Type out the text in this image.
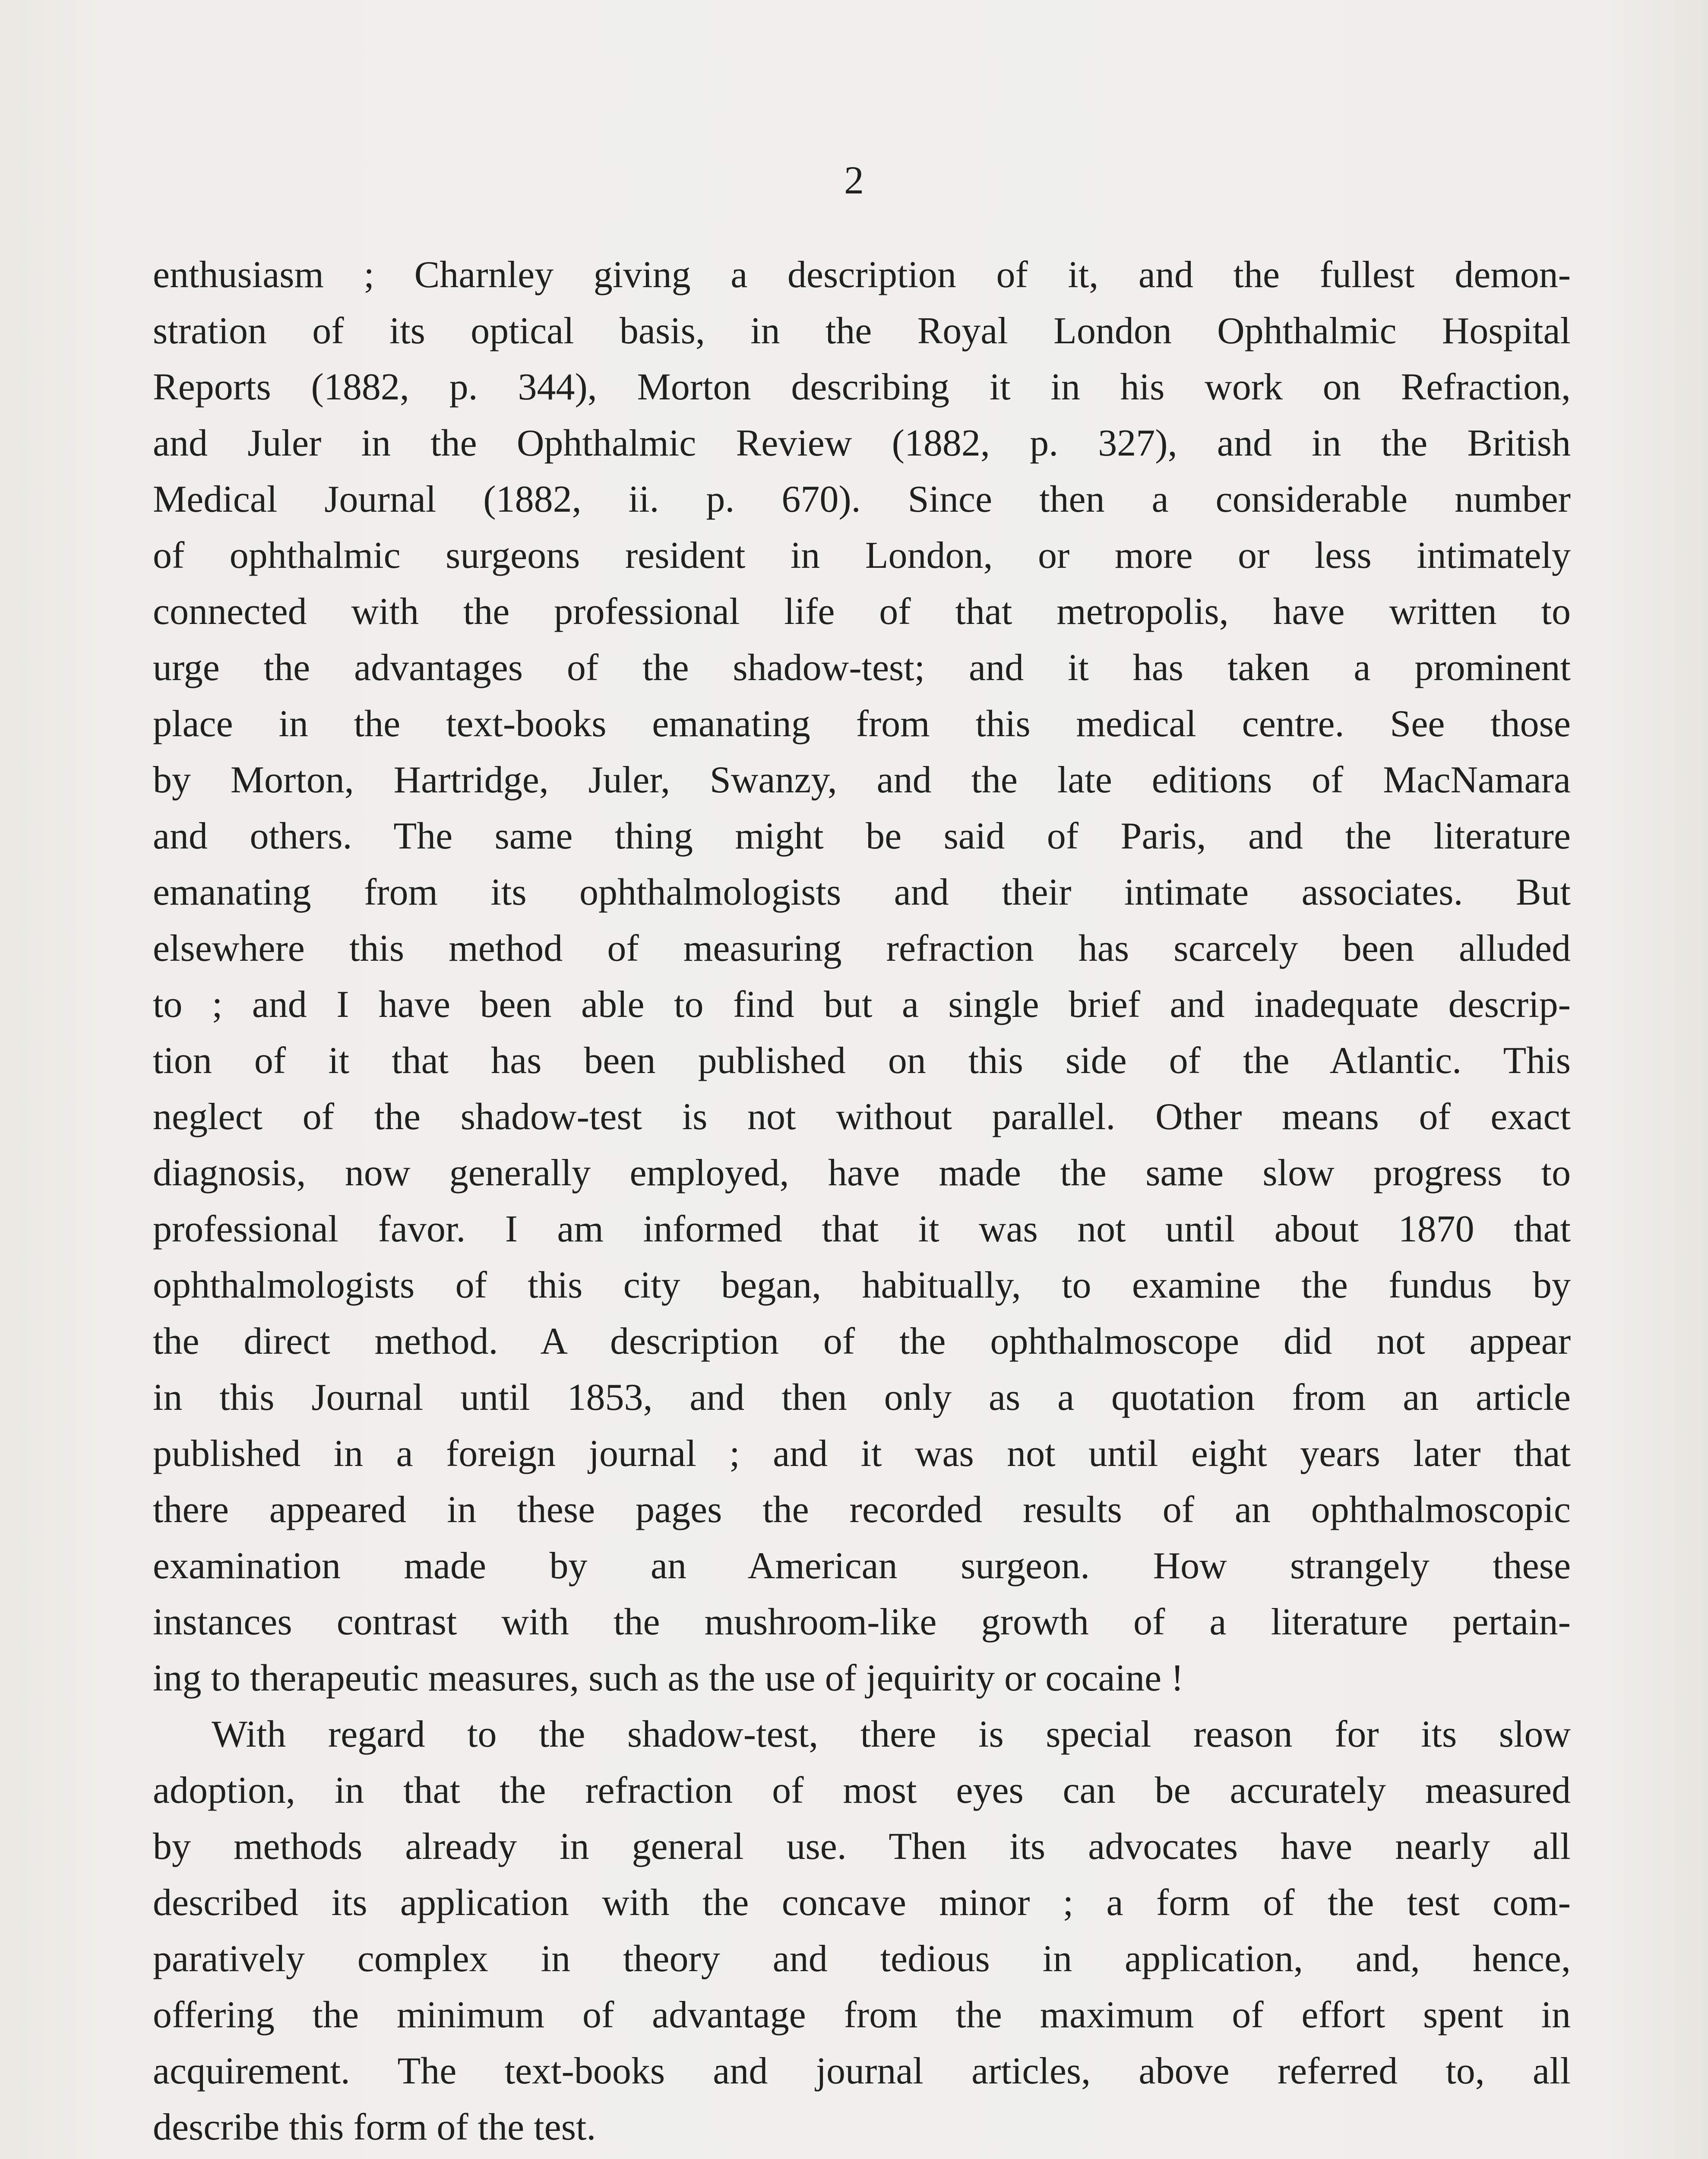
2
enthusiasm ; Charnley giving a description of it, and the fullest demon-
stration of its optical basis, in the Royal London Ophthalmic Hospital
Reports (1882, p. 344), Morton describing it in his work on Refraction,
and Juler in the Ophthalmic Review (1882, p. 327), and in the British
Medical Journal (1882, ii. p. 670). Since then a considerable number
of ophthalmic surgeons resident in London, or more or less intimately
connected with the professional life of that metropolis, have written to
urge the advantages of the shadow-test; and it has taken a prominent
place in the text-books emanating from this medical centre. See those
by Morton, Hartridge, Juler, Swanzy, and the late editions of MacNamara
and others. The same thing might be said of Paris, and the literature
emanating from its ophthalmologists and their intimate associates. But
elsewhere this method of measuring refraction has scarcely been alluded
to ; and I have been able to find but a single brief and inadequate descrip-
tion of it that has been published on this side of the Atlantic. This
neglect of the shadow-test is not without parallel. Other means of exact
diagnosis, now generally employed, have made the same slow progress to
professional favor. I am informed that it was not until about 1870 that
ophthalmologists of this city began, habitually, to examine the fundus by
the direct method. A description of the ophthalmoscope did not appear
in this Journal until 1853, and then only as a quotation from an article
published in a foreign journal ; and it was not until eight years later that
there appeared in these pages the recorded results of an ophthalmoscopic
examination made by an American surgeon. How strangely these
instances contrast with the mushroom-like growth of a literature pertain-
ing to therapeutic measures, such as the use of jequirity or cocaine !
With regard to the shadow-test, there is special reason for its slow
adoption, in that the refraction of most eyes can be accurately measured
by methods already in general use. Then its advocates have nearly all
described its application with the concave minor ; a form of the test com-
paratively complex in theory and tedious in application, and, hence,
offering the minimum of advantage from the maximum of effort spent in
acquirement. The text-books and journal articles, above referred to, all
describe this form of the test.
